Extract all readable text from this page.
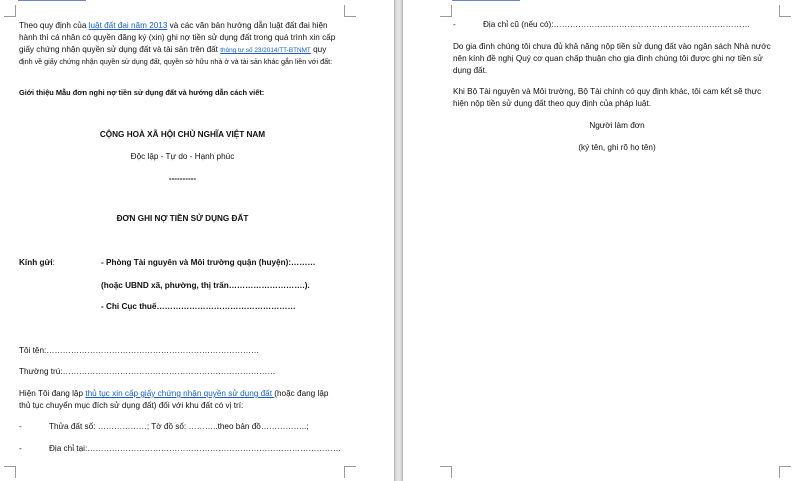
Theo quy định của luật đất đai năm 2013 và các văn bản hướng dẫn luật đất đai hiện
hành thì cá nhân có quyền đăng ký (xin) ghi nợ tiền sử dụng đất trong quá trình xin cấp
giấy chứng nhận quyền sử dụng đất và tài sản trên đất thông tư số 23/2014/TT-BTNMT quy
định về giấy chứng nhận quyền sử dụng đất, quyền sở hữu nhà ở và tài sản khác gắn liền với đất:
Giới thiệu Mẫu đơn nghi nợ tiền sử dụng đất và hướng dẫn cách viết:
CỘNG HOÀ XÃ HỘI CHỦ NGHĨA VIỆT NAM
Độc lập - Tự do - Hạnh phúc
----------
ĐƠN GHI NỢ TIỀN SỬ DỤNG ĐẤT
Kính gửi:	- Phòng Tài nguyên và Môi trường quận (huyện):………
(hoặc UBND xã, phường, thị trấn……………………….).
- Chi Cục thuế……………………………………………
Tôi tên:……………………………………………………………………
Thường trú:……………………………………………………………………
Hiện Tôi đang lập thủ tục xin cấp giấy chứng nhận quyền sử dụng đất (hoặc đang lập
thủ tục chuyển mục đích sử dụng đất) đối với khu đất có vị trí:
-	Thửa đất số: ………………; Tờ đồ số: ………..theo bản đồ……………..;
-	Địa chỉ tại:…………………………………………………………………………………
-	Địa chỉ cũ (nếu có):………………………………………………………………
Do gia đình chúng tôi chưa đủ khả năng nộp tiền sử dụng đất vào ngân sách Nhà nước
nên kính đề nghị Quý cơ quan chấp thuận cho gia đình chúng tôi được ghi nợ tiền sử
dụng đất.
Khi Bộ Tài nguyên và Môi trường, Bộ Tài chính có quy định khác, tôi cam kết sẽ thực
hiện nộp tiền sử dụng đất theo quy định của pháp luật.
Người làm đơn
(ký tên, ghi rõ họ tên)
